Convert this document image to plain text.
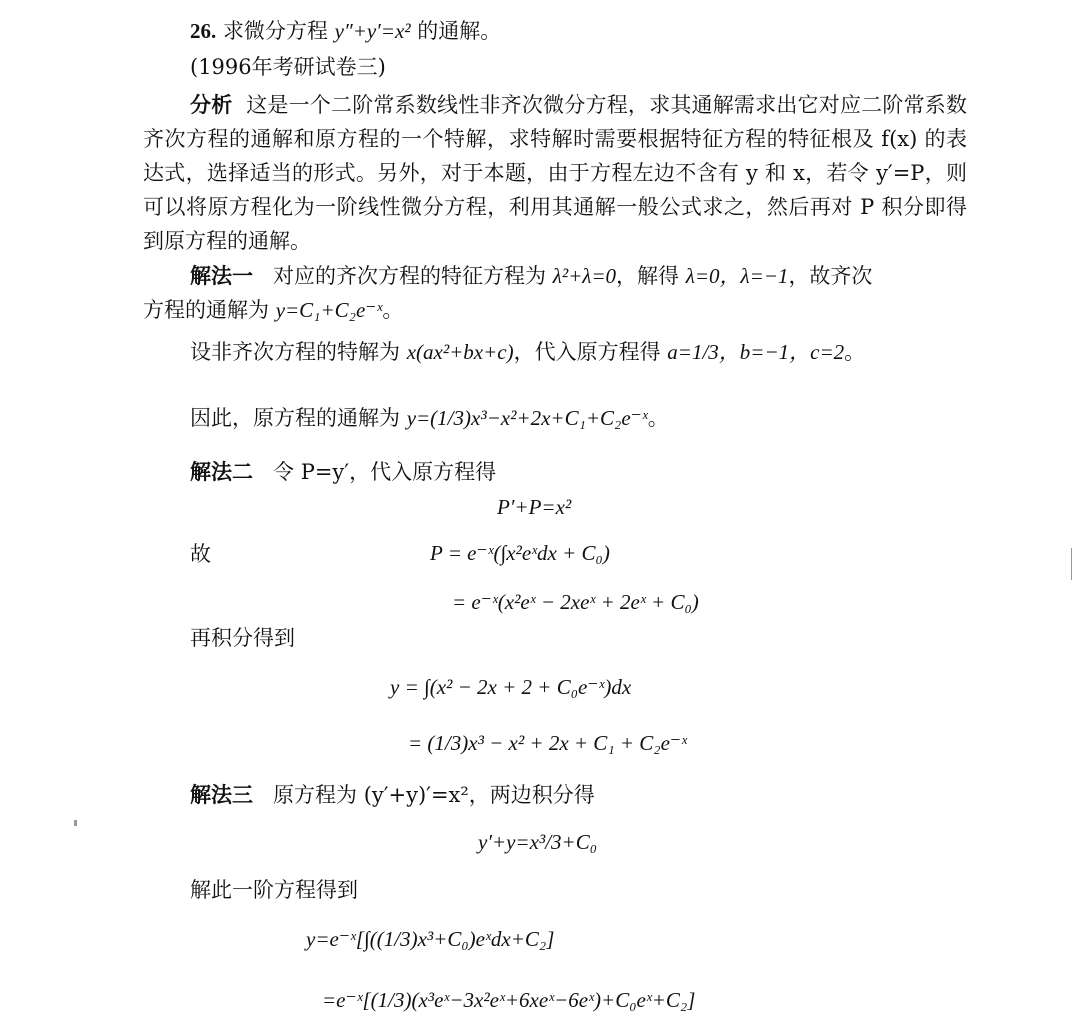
26. 求微分方程 y″+y′=x² 的通解。
(1996年考研试卷三)
分析 这是一个二阶常系数线性非齐次微分方程，求其通解需求出它对应二阶常系数齐次方程的通解和原方程的一个特解，求特解时需要根据特征方程的特征根及 f(x) 的表达式，选择适当的形式。另外，对于本题，由于方程左边不含有 y 和 x，若令 y′=P，则可以将原方程化为一阶线性微分方程，利用其通解一般公式求之，然后再对 P 积分即得到原方程的通解。
解法一 对应的齐次方程的特征方程为 λ²+λ=0，解得 λ=0，λ=−1，故齐次
方程的通解为 y=C₁+C₂e⁻ˣ。
设非齐次方程的特解为 x(ax²+bx+c)，代入原方程得 a=1/3，b=−1，c=2。
因此，原方程的通解为 y=(1/3)x³−x²+2x+C₁+C₂e⁻ˣ。
解法二 令 P=y′，代入原方程得
P′+P=x²
故	P = e⁻ˣ(∫x²eˣdx + C₀)
= e⁻ˣ(x²eˣ − 2xeˣ + 2eˣ + C₀)
再积分得到
y = ∫(x² − 2x + 2 + C₀e⁻ˣ)dx
= (1/3)x³ − x² + 2x + C₁ + C₂e⁻ˣ
解法三 原方程为 (y′+y)′=x²，两边积分得
y′+y=x³/3+C₀
解此一阶方程得到
y=e⁻ˣ[∫((1/3)x³+C₀)eˣdx+C₂]
=e⁻ˣ[(1/3)(x³eˣ−3x²eˣ+6xeˣ−6eˣ)+C₀eˣ+C₂]
